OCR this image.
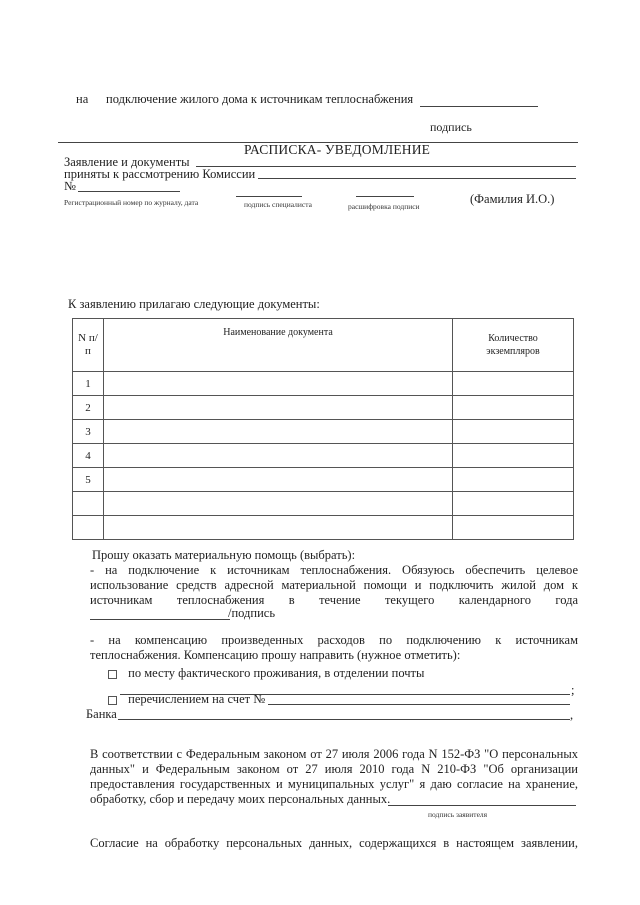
на подключение жилого дома к источникам теплоснабжения
подпись
РАСПИСКА- УВЕДОМЛЕНИЕ
Заявление и документы
приняты к рассмотрению Комиссии
№
(Фамилия И.О.)
Регистрационный номер по журналу, дата	подпись специалиста	расшифровка подписи
К заявлению прилагаю следующие документы:
N п/п	Наименование документа	Количество экземпляров
1		
2		
3		
4		
5		

Прошу оказать материальную помощь (выбрать):
- на подключение к источникам теплоснабжения. Обязуюсь обеспечить целевое
использование средств адресной материальной помощи и подключить жилой дом к
источникам теплоснабжения в течение текущего календарного года
/подпись
- на компенсацию произведенных расходов по подключению к источникам
теплоснабжения. Компенсацию прошу направить (нужное отметить):
по месту фактического проживания, в отделении почты
;
перечислением на счет №
Банка	,
В соответствии с Федеральным законом от 27 июля 2006 года N 152-ФЗ "О персональных
данных" и Федеральным законом от 27 июля 2010 года N 210-ФЗ "Об организации
предоставления государственных и муниципальных услуг" я даю согласие на хранение,
обработку, сбор и передачу моих персональных данных.
подпись заявителя
Согласие на обработку персональных данных, содержащихся в настоящем заявлении,
